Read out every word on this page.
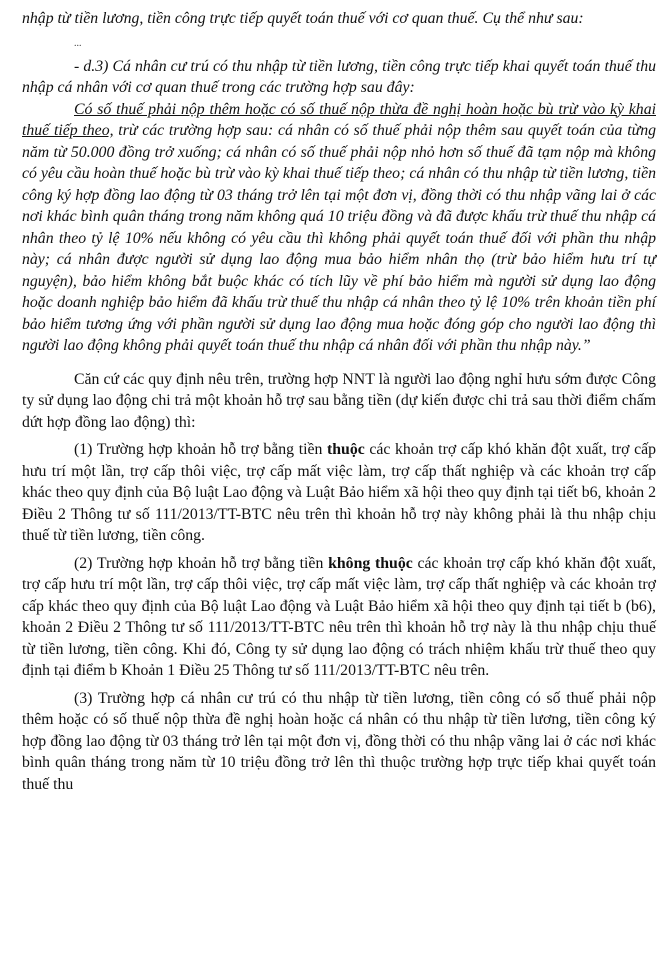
nhập từ tiền lương, tiền công trực tiếp quyết toán thuế với cơ quan thuế. Cụ thể như sau:

...

- d.3) Cá nhân cư trú có thu nhập từ tiền lương, tiền công trực tiếp khai quyết toán thuế thu nhập cá nhân với cơ quan thuế trong các trường hợp sau đây:

Có số thuế phải nộp thêm hoặc có số thuế nộp thừa đề nghị hoàn hoặc bù trừ vào kỳ khai thuế tiếp theo, trừ các trường hợp sau: cá nhân có số thuế phải nộp thêm sau quyết toán của từng năm từ 50.000 đồng trở xuống; cá nhân có số thuế phải nộp nhỏ hơn số thuế đã tạm nộp mà không có yêu cầu hoàn thuế hoặc bù trừ vào kỳ khai thuế tiếp theo; cá nhân có thu nhập từ tiền lương, tiền công ký hợp đồng lao động từ 03 tháng trở lên tại một đơn vị, đồng thời có thu nhập vãng lai ở các nơi khác bình quân tháng trong năm không quá 10 triệu đồng và đã được khấu trừ thuế thu nhập cá nhân theo tỷ lệ 10% nếu không có yêu cầu thì không phải quyết toán thuế đối với phần thu nhập này; cá nhân được người sử dụng lao động mua bảo hiểm nhân thọ (trừ bảo hiểm hưu trí tự nguyện), bảo hiểm không bắt buộc khác có tích lũy về phí bảo hiểm mà người sử dụng lao động hoặc doanh nghiệp bảo hiểm đã khấu trừ thuế thu nhập cá nhân theo tỷ lệ 10% trên khoản tiền phí bảo hiểm tương ứng với phần người sử dụng lao động mua hoặc đóng góp cho người lao động thì người lao động không phải quyết toán thuế thu nhập cá nhân đối với phần thu nhập này.”

Căn cứ các quy định nêu trên, trường hợp NNT là người lao động nghỉ hưu sớm được Công ty sử dụng lao động chi trả một khoản hỗ trợ sau bằng tiền (dự kiến được chi trả sau thời điểm chấm dứt hợp đồng lao động) thì:

(1) Trường hợp khoản hỗ trợ bằng tiền thuộc các khoản trợ cấp khó khăn đột xuất, trợ cấp hưu trí một lần, trợ cấp thôi việc, trợ cấp mất việc làm, trợ cấp thất nghiệp và các khoản trợ cấp khác theo quy định của Bộ luật Lao động và Luật Bảo hiểm xã hội theo quy định tại tiết b6, khoản 2 Điều 2 Thông tư số 111/2013/TT-BTC nêu trên thì khoản hỗ trợ này không phải là thu nhập chịu thuế từ tiền lương, tiền công.

(2) Trường hợp khoản hỗ trợ bằng tiền không thuộc các khoản trợ cấp khó khăn đột xuất, trợ cấp hưu trí một lần, trợ cấp thôi việc, trợ cấp mất việc làm, trợ cấp thất nghiệp và các khoản trợ cấp khác theo quy định của Bộ luật Lao động và Luật Bảo hiểm xã hội theo quy định tại tiết b (b6), khoản 2 Điều 2 Thông tư số 111/2013/TT-BTC nêu trên thì khoản hỗ trợ này là thu nhập chịu thuế từ tiền lương, tiền công. Khi đó, Công ty sử dụng lao động có trách nhiệm khấu trừ thuế theo quy định tại điểm b Khoản 1 Điều 25 Thông tư số 111/2013/TT-BTC nêu trên.

(3) Trường hợp cá nhân cư trú có thu nhập từ tiền lương, tiền công có số thuế phải nộp thêm hoặc có số thuế nộp thừa đề nghị hoàn hoặc cá nhân có thu nhập từ tiền lương, tiền công ký hợp đồng lao động từ 03 tháng trở lên tại một đơn vị, đồng thời có thu nhập vãng lai ở các nơi khác bình quân tháng trong năm từ 10 triệu đồng trở lên thì thuộc trường hợp trực tiếp khai quyết toán thuế thu
